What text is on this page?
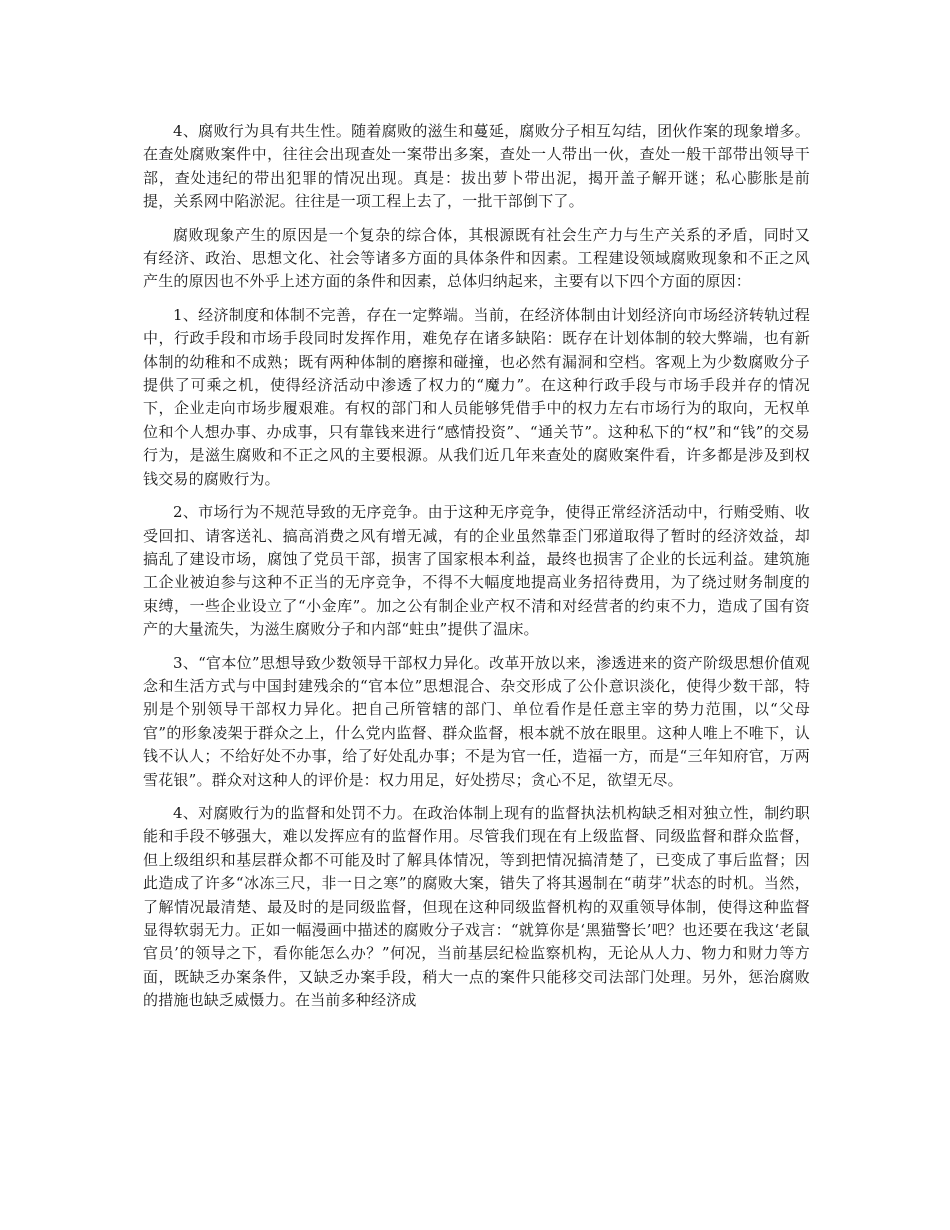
4、腐败行为具有共生性。随着腐败的滋生和蔓延，腐败分子相互勾结，团伙作案的现象增多。在查处腐败案件中，往往会出现查处一案带出多案，查处一人带出一伙，查处一般干部带出领导干部，查处违纪的带出犯罪的情况出现。真是：拔出萝卜带出泥，揭开盖子解开谜；私心膨胀是前提，关系网中陷淤泥。往往是一项工程上去了，一批干部倒下了。

腐败现象产生的原因是一个复杂的综合体，其根源既有社会生产力与生产关系的矛盾，同时又有经济、政治、思想文化、社会等诸多方面的具体条件和因素。工程建设领域腐败现象和不正之风产生的原因也不外乎上述方面的条件和因素，总体归纳起来，主要有以下四个方面的原因：

1、经济制度和体制不完善，存在一定弊端。当前，在经济体制由计划经济向市场经济转轨过程中，行政手段和市场手段同时发挥作用，难免存在诸多缺陷：既存在计划体制的较大弊端，也有新体制的幼稚和不成熟；既有两种体制的磨擦和碰撞，也必然有漏洞和空档。客观上为少数腐败分子提供了可乘之机，使得经济活动中渗透了权力的“魔力”。在这种行政手段与市场手段并存的情况下，企业走向市场步履艰难。有权的部门和人员能够凭借手中的权力左右市场行为的取向，无权单位和个人想办事、办成事，只有靠钱来进行“感情投资”、“通关节”。这种私下的“权”和“钱”的交易行为，是滋生腐败和不正之风的主要根源。从我们近几年来查处的腐败案件看，许多都是涉及到权钱交易的腐败行为。

2、市场行为不规范导致的无序竞争。由于这种无序竞争，使得正常经济活动中，行贿受贿、收受回扣、请客送礼、搞高消费之风有增无减，有的企业虽然靠歪门邪道取得了暂时的经济效益，却搞乱了建设市场，腐蚀了党员干部，损害了国家根本利益，最终也损害了企业的长远利益。建筑施工企业被迫参与这种不正当的无序竞争，不得不大幅度地提高业务招待费用，为了绕过财务制度的束缚，一些企业设立了“小金库”。加之公有制企业产权不清和对经营者的约束不力，造成了国有资产的大量流失，为滋生腐败分子和内部“蛀虫”提供了温床。

3、“官本位”思想导致少数领导干部权力异化。改革开放以来，渗透进来的资产阶级思想价值观念和生活方式与中国封建残余的“官本位”思想混合、杂交形成了公仆意识淡化，使得少数干部，特别是个别领导干部权力异化。把自己所管辖的部门、单位看作是任意主宰的势力范围，以“父母官”的形象凌架于群众之上，什么党内监督、群众监督，根本就不放在眼里。这种人唯上不唯下，认钱不认人；不给好处不办事，给了好处乱办事；不是为官一任，造福一方，而是“三年知府官，万两雪花银”。群众对这种人的评价是：权力用足，好处捞尽；贪心不足，欲望无尽。

4、对腐败行为的监督和处罚不力。在政治体制上现有的监督执法机构缺乏相对独立性，制约职能和手段不够强大，难以发挥应有的监督作用。尽管我们现在有上级监督、同级监督和群众监督，但上级组织和基层群众都不可能及时了解具体情况，等到把情况搞清楚了，已变成了事后监督；因此造成了许多“冰冻三尺，非一日之寒”的腐败大案，错失了将其遏制在“萌芽”状态的时机。当然，了解情况最清楚、最及时的是同级监督，但现在这种同级监督机构的双重领导体制，使得这种监督显得软弱无力。正如一幅漫画中描述的腐败分子戏言：“就算你是‘黑猫警长’吧？也还要在我这‘老鼠官员’的领导之下，看你能怎么办？”何况，当前基层纪检监察机构，无论从人力、物力和财力等方面，既缺乏办案条件，又缺乏办案手段，稍大一点的案件只能移交司法部门处理。另外，惩治腐败的措施也缺乏威慑力。在当前多种经济成
